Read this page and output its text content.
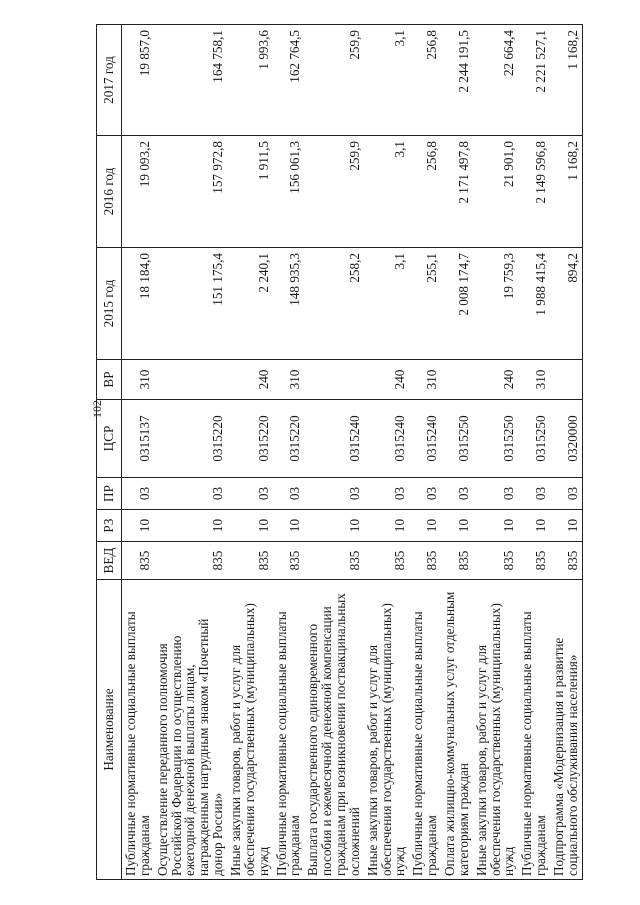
102
Наименование	ВЕД	РЗ	ПР	ЦСР	ВР	2015 год	2016 год	2017 год
Публичные нормативные социальные выплаты гражданам	835	10	03	0315137	310	18 184,0	19 093,2	19 857,0
Осуществление переданного полномочия Российской Федерации по осуществлению ежегодной денежной выплаты лицам, награжденным нагрудным знаком «Почетный донор России»	835	10	03	0315220		151 175,4	157 972,8	164 758,1
Иные закупки товаров, работ и услуг для обеспечения государственных (муниципальных) нужд	835	10	03	0315220	240	2 240,1	1 911,5	1 993,6
Публичные нормативные социальные выплаты гражданам	835	10	03	0315220	310	148 935,3	156 061,3	162 764,5
Выплата государственного единовременного пособия и ежемесячной денежной компенсации гражданам при возникновении поствакцинальных осложнений	835	10	03	0315240		258,2	259,9	259,9
Иные закупки товаров, работ и услуг для обеспечения государственных (муниципальных) нужд	835	10	03	0315240	240	3,1	3,1	3,1
Публичные нормативные социальные выплаты гражданам	835	10	03	0315240	310	255,1	256,8	256,8
Оплата жилищно-коммунальных услуг отдельным категориям граждан	835	10	03	0315250		2 008 174,7	2 171 497,8	2 244 191,5
Иные закупки товаров, работ и услуг для обеспечения государственных (муниципальных) нужд	835	10	03	0315250	240	19 759,3	21 901,0	22 664,4
Публичные нормативные социальные выплаты гражданам	835	10	03	0315250	310	1 988 415,4	2 149 596,8	2 221 527,1
Подпрограмма «Модернизация и развитие социального обслуживания населения»	835	10	03	0320000		894,2	1 168,2	1 168,2
